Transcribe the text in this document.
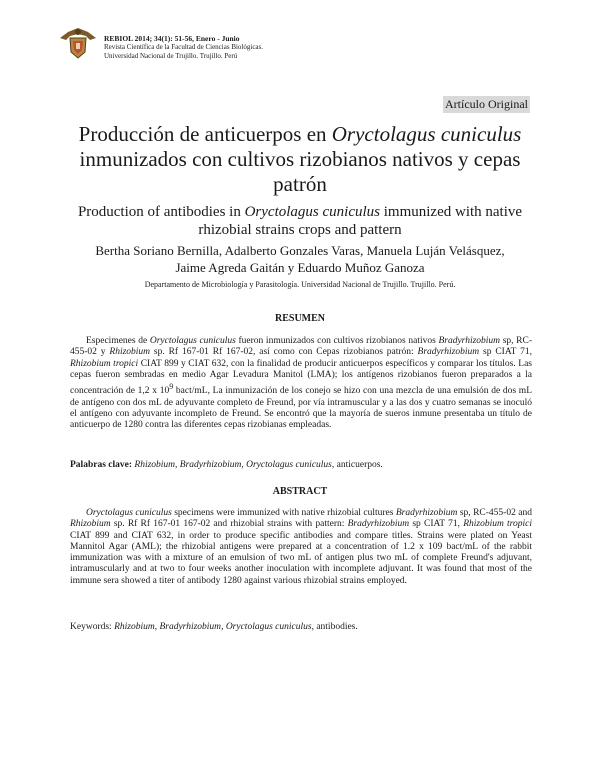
REBIOL 2014; 34(1): 51-56, Enero - Junio
Revista Científica de la Facultad de Ciencias Biológicas.
Universidad Nacional de Trujillo. Trujillo. Perú
Artículo Original
Producción de anticuerpos en Oryctolagus cuniculus inmunizados con cultivos rizobianos nativos y cepas patrón
Production of antibodies in Oryctolagus cuniculus immunized with native rhizobial strains crops and pattern
Bertha Soriano Bernilla, Adalberto Gonzales Varas, Manuela Luján Velásquez,
Jaime Agreda Gaitán y Eduardo Muñoz Ganoza
Departamento de Microbiología y Parasitología. Universidad Nacional de Trujillo. Trujillo. Perú.
RESUMEN

Especimenes de Oryctolagus cuniculus fueron inmunizados con cultivos rizobianos nativos Bradyrhizobium sp, RC-455-02 y Rhizobium sp. Rf 167-01 Rf 167-02, así como con Cepas rizobianos patrón: Bradyrhizobium sp CIAT 71, Rhizobium tropici CIAT 899 y CIAT 632, con la finalidad de producir anticuerpos específicos y comparar los títulos. Las cepas fueron sembradas en medio Agar Levadura Manitol (LMA); los antígenos rizobianos fueron preparados a la concentración de 1,2 x $10^9$ bact/mL, La inmunización de los conejo se hizo con una mezcla de una emulsión de dos mL de antígeno con dos mL de adyuvante completo de Freund, por vía intramuscular y a las dos y cuatro semanas se inoculó el antígeno con adyuvante incompleto de Freund. Se encontró que la mayoría de sueros inmune presentaba un título de anticuerpo de 1280 contra las diferentes cepas rizobianas empleadas.

Palabras clave: Rhizobium, Bradyrhizobium, Oryctolagus cuniculus, anticuerpos.
ABSTRACT

Oryctolagus cuniculus specimens were immunized with native rhizobial cultures Bradyrhizobium sp, RC-455-02 and Rhizobium sp. Rf Rf 167-01 167-02 and rhizobial strains with pattern: Bradyrhizobium sp CIAT 71, Rhizobium tropici CIAT 899 and CIAT 632, in order to produce specific antibodies and compare titles. Strains were plated on Yeast Mannitol Agar (AML); the rhizobial antigens were prepared at a concentration of 1.2 x 109 bact/mL of the rabbit immunization was with a mixture of an emulsion of two mL of antigen plus two mL of complete Freund's adjuvant, intramuscularly and at two to four weeks another inoculation with incomplete adjuvant. It was found that most of the immune sera showed a titer of antibody 1280 against various rhizobial strains employed.

Keywords: Rhizobium, Bradyrhizobium, Oryctolagus cuniculus, antibodies.
